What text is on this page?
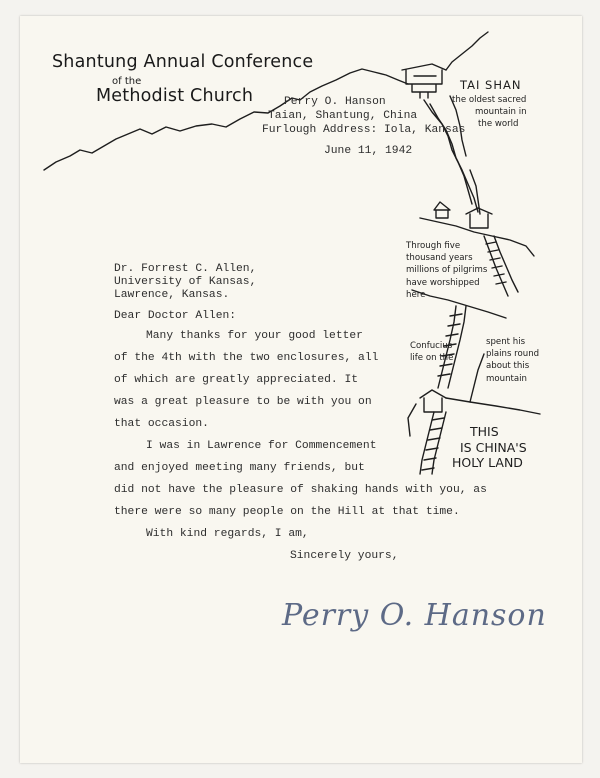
Shantung Annual Conference
of the
Methodist Church	Perry O. Hanson
Taian, Shantung, China
Furlough Address: Iola, Kansas
June 11, 1942
TAI SHAN
the oldest sacred
mountain in
the world
Through five
thousand years
millions of pilgrims
have worshipped
here
Confucius
life on the
spent his
plains round
about this
mountain
THIS
IS CHINA'S
HOLY LAND
Dr. Forrest C. Allen,
University of Kansas,
Lawrence, Kansas.
Dear Doctor Allen:
Many thanks for your good letter
of the 4th with the two enclosures, all
of which are greatly appreciated. It
was a great pleasure to be with you on
that occasion.
I was in Lawrence for Commencement
and enjoyed meeting many friends, but
did not have the pleasure of shaking hands with you, as
there were so many people on the Hill at that time.
With kind regards, I am,
Sincerely yours,
Perry O. Hanson
